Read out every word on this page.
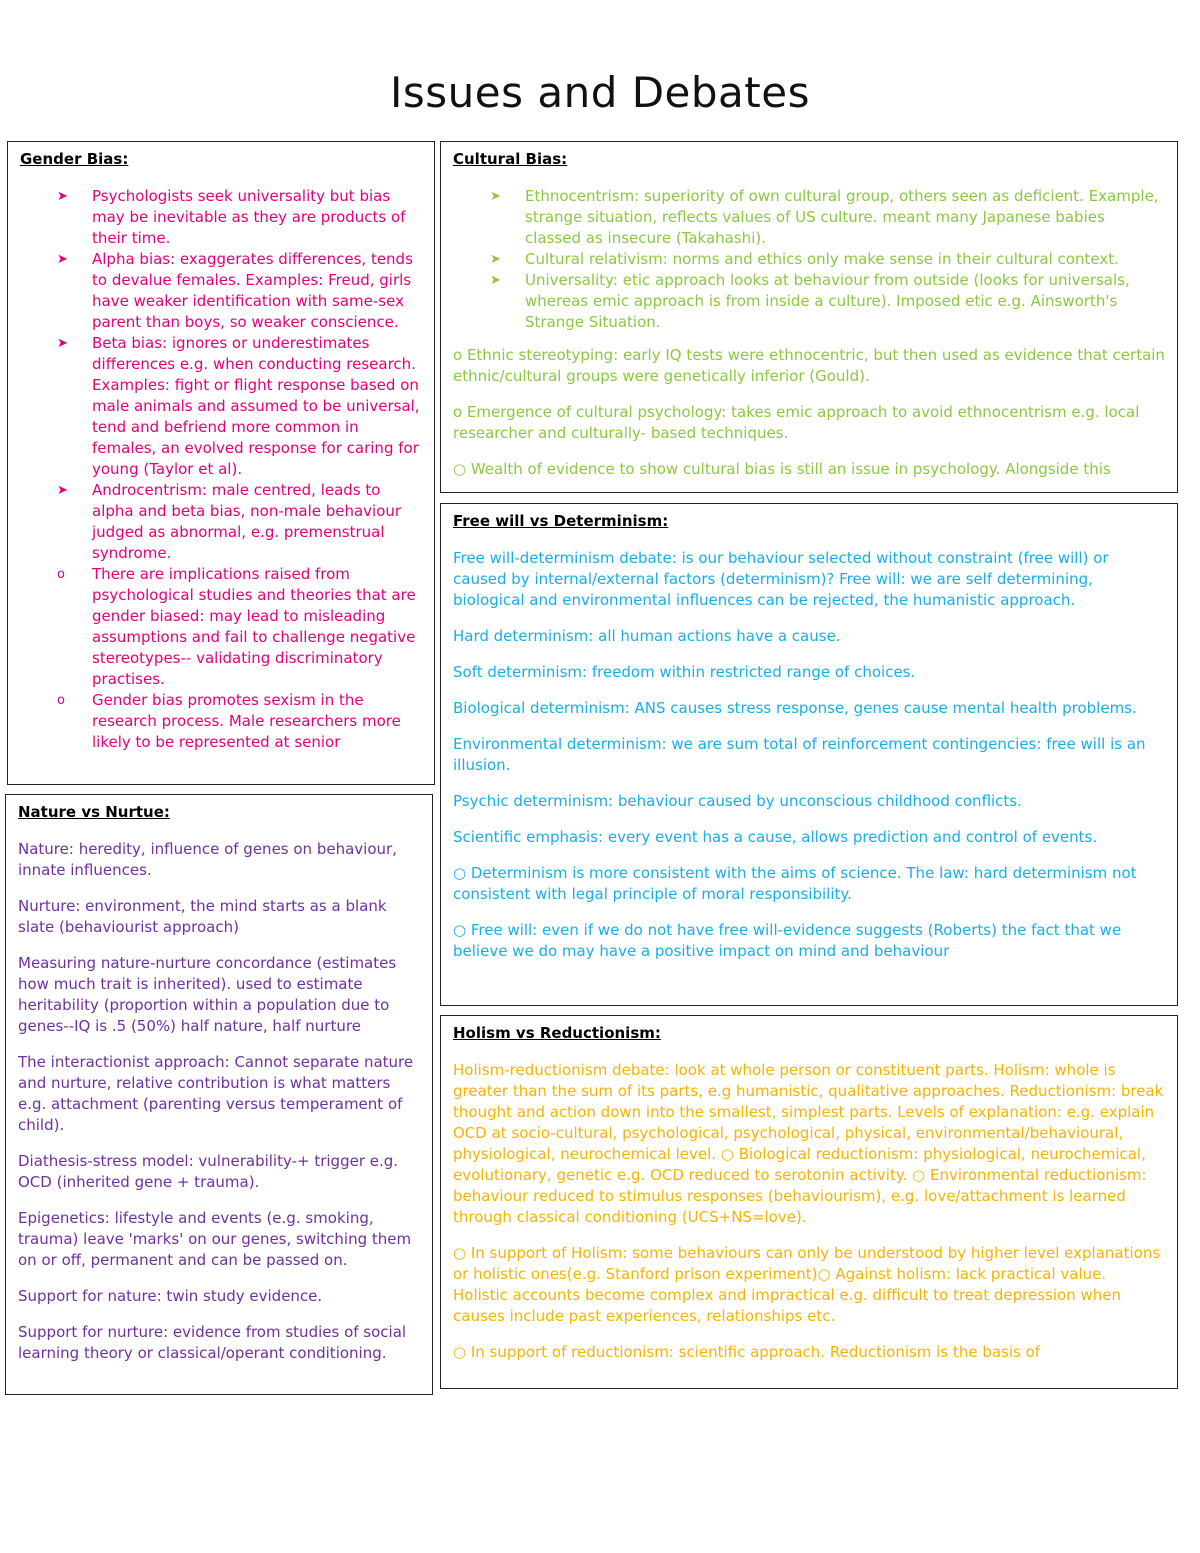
Issues and Debates
Gender Bias:
➤ Psychologists seek universality but bias may be inevitable as they are products of their time.
➤ Alpha bias: exaggerates differences, tends to devalue females. Examples: Freud, girls have weaker identification with same-sex parent than boys, so weaker conscience.
➤ Beta bias: ignores or underestimates differences e.g. when conducting research. Examples: fight or flight response based on male animals and assumed to be universal, tend and befriend more common in females, an evolved response for caring for young (Taylor et al).
➤ Androcentrism: male centred, leads to alpha and beta bias, non-male behaviour judged as abnormal, e.g. premenstrual syndrome.
o There are implications raised from psychological studies and theories that are gender biased: may lead to misleading assumptions and fail to challenge negative stereotypes-- validating discriminatory practises.
o Gender bias promotes sexism in the research process. Male researchers more likely to be represented at senior
Cultural Bias:
➤ Ethnocentrism: superiority of own cultural group, others seen as deficient. Example, strange situation, reflects values of US culture. meant many Japanese babies classed as insecure (Takahashi).
➤ Cultural relativism: norms and ethics only make sense in their cultural context.
➤ Universality: etic approach looks at behaviour from outside (looks for universals, whereas emic approach is from inside a culture). Imposed etic e.g. Ainsworth's Strange Situation.

o Ethnic stereotyping: early IQ tests were ethnocentric, but then used as evidence that certain ethnic/cultural groups were genetically inferior (Gould).

o Emergence of cultural psychology: takes emic approach to avoid ethnocentrism e.g. local researcher and culturally- based techniques.

○ Wealth of evidence to show cultural bias is still an issue in psychology. Alongside this

Free will vs Determinism:

Free will-determinism debate: is our behaviour selected without constraint (free will) or caused by internal/external factors (determinism)? Free will: we are self determining, biological and environmental influences can be rejected, the humanistic approach.

Hard determinism: all human actions have a cause.

Soft determinism: freedom within restricted range of choices.

Biological determinism: ANS causes stress response, genes cause mental health problems.

Environmental determinism: we are sum total of reinforcement contingencies: free will is an illusion.

Psychic determinism: behaviour caused by unconscious childhood conflicts.

Scientific emphasis: every event has a cause, allows prediction and control of events.

○ Determinism is more consistent with the aims of science. The law: hard determinism not consistent with legal principle of moral responsibility.

○ Free will: even if we do not have free will-evidence suggests (Roberts) the fact that we believe we do may have a positive impact on mind and behaviour

Nature vs Nurtue:

Nature: heredity, influence of genes on behaviour, innate influences.

Nurture: environment, the mind starts as a blank slate (behaviourist approach)

Measuring nature-nurture concordance (estimates how much trait is inherited). used to estimate heritability (proportion within a population due to genes--IQ is .5 (50%) half nature, half nurture

The interactionist approach: Cannot separate nature and nurture, relative contribution is what matters e.g. attachment (parenting versus temperament of child).

Diathesis-stress model: vulnerability-+ trigger e.g. OCD (inherited gene + trauma).

Epigenetics: lifestyle and events (e.g. smoking, trauma) leave 'marks' on our genes, switching them on or off, permanent and can be passed on.

Support for nature: twin study evidence.

Support for nurture: evidence from studies of social learning theory or classical/operant conditioning.

Holism vs Reductionism:

Holism-reductionism debate: look at whole person or constituent parts. Holism: whole is greater than the sum of its parts, e.g humanistic, qualitative approaches. Reductionism: break thought and action down into the smallest, simplest parts. Levels of explanation: e.g. explain OCD at socio-cultural, psychological, psychological, physical, environmental/behavioural, physiological, neurochemical level. ○ Biological reductionism: physiological, neurochemical, evolutionary, genetic e.g. OCD reduced to serotonin activity. ○ Environmental reductionism: behaviour reduced to stimulus responses (behaviourism), e.g. love/attachment is learned through classical conditioning (UCS+NS=love).

○ In support of Holism: some behaviours can only be understood by higher level explanations or holistic ones(e.g. Stanford prison experiment)○ Against holism: lack practical value. Holistic accounts become complex and impractical e.g. difficult to treat depression when causes include past experiences, relationships etc.

○ In support of reductionism: scientific approach. Reductionism is the basis of
